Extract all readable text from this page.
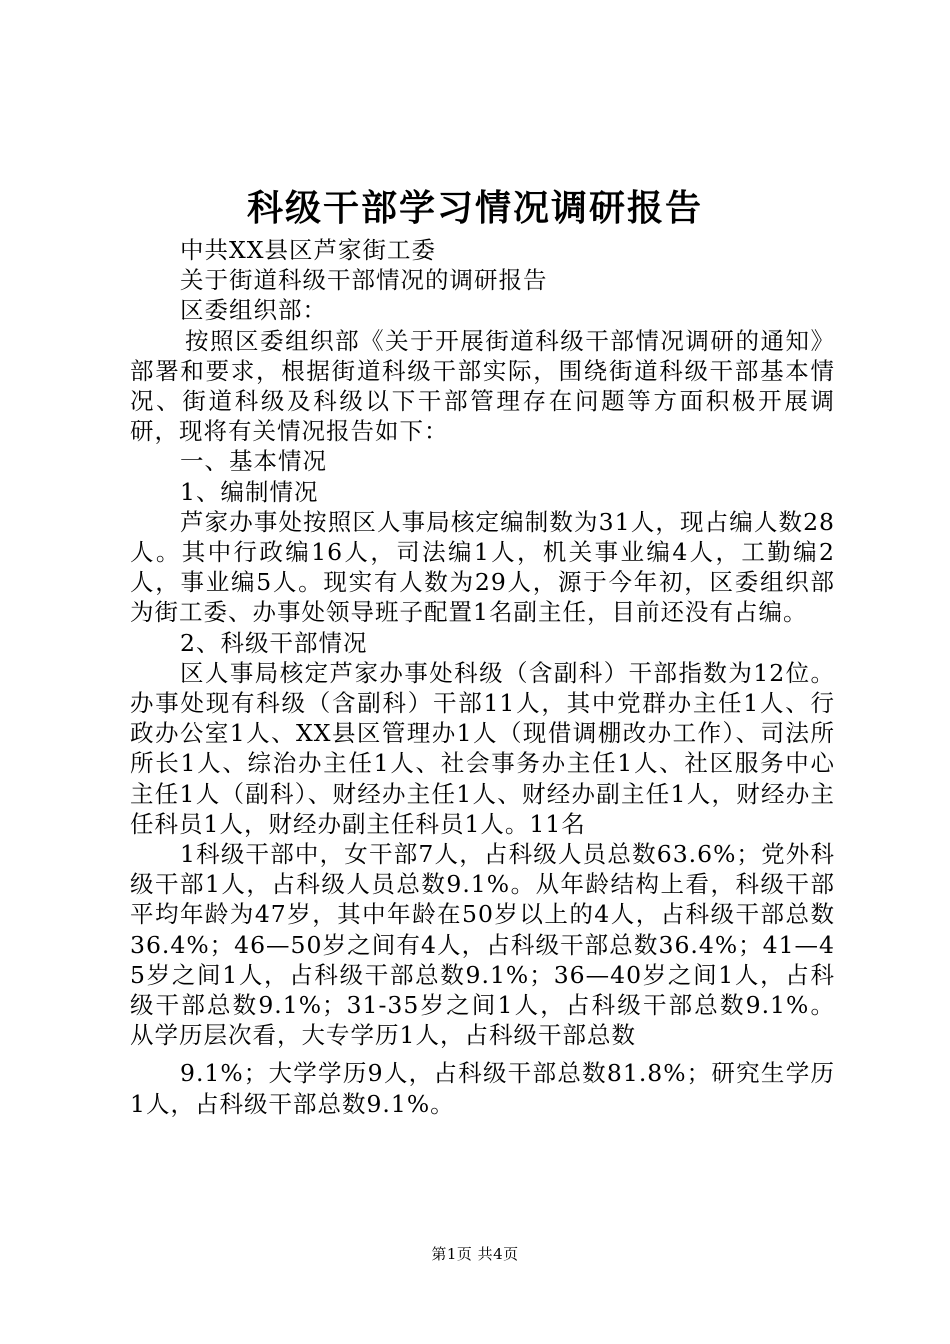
科级干部学习情况调研报告

中共XX县区芦家街工委

关于街道科级干部情况的调研报告

区委组织部：

按照区委组织部《关于开展街道科级干部情况调研的通知》部署和要求，根据街道科级干部实际，围绕街道科级干部基本情况、街道科级及科级以下干部管理存在问题等方面积极开展调研，现将有关情况报告如下：

一、基本情况

1、编制情况

芦家办事处按照区人事局核定编制数为31人，现占编人数28人。其中行政编16人，司法编1人，机关事业编4人，工勤编2人，事业编5人。现实有人数为29人，源于今年初，区委组织部为街工委、办事处领导班子配置1名副主任，目前还没有占编。

2、科级干部情况

区人事局核定芦家办事处科级（含副科）干部指数为12位。办事处现有科级（含副科）干部11人，其中党群办主任1人、行政办公室1人、XX县区管理办1人（现借调棚改办工作）、司法所所长1人、综治办主任1人、社会事务办主任1人、社区服务中心主任1人（副科）、财经办主任1人、财经办副主任1人，财经办主任科员1人，财经办副主任科员1人。11名

1科级干部中，女干部7人，占科级人员总数63.6%；党外科级干部1人，占科级人员总数9.1%。从年龄结构上看，科级干部平均年龄为47岁，其中年龄在50岁以上的4人，占科级干部总数36.4%；46—50岁之间有4人，占科级干部总数36.4%；41—45岁之间1人，占科级干部总数9.1%；36—40岁之间1人，占科级干部总数9.1%；31-35岁之间1人，占科级干部总数9.1%。从学历层次看，大专学历1人，占科级干部总数

9.1%；大学学历9人，占科级干部总数81.8%；研究生学历1人，占科级干部总数9.1%。

第1页 共4页
